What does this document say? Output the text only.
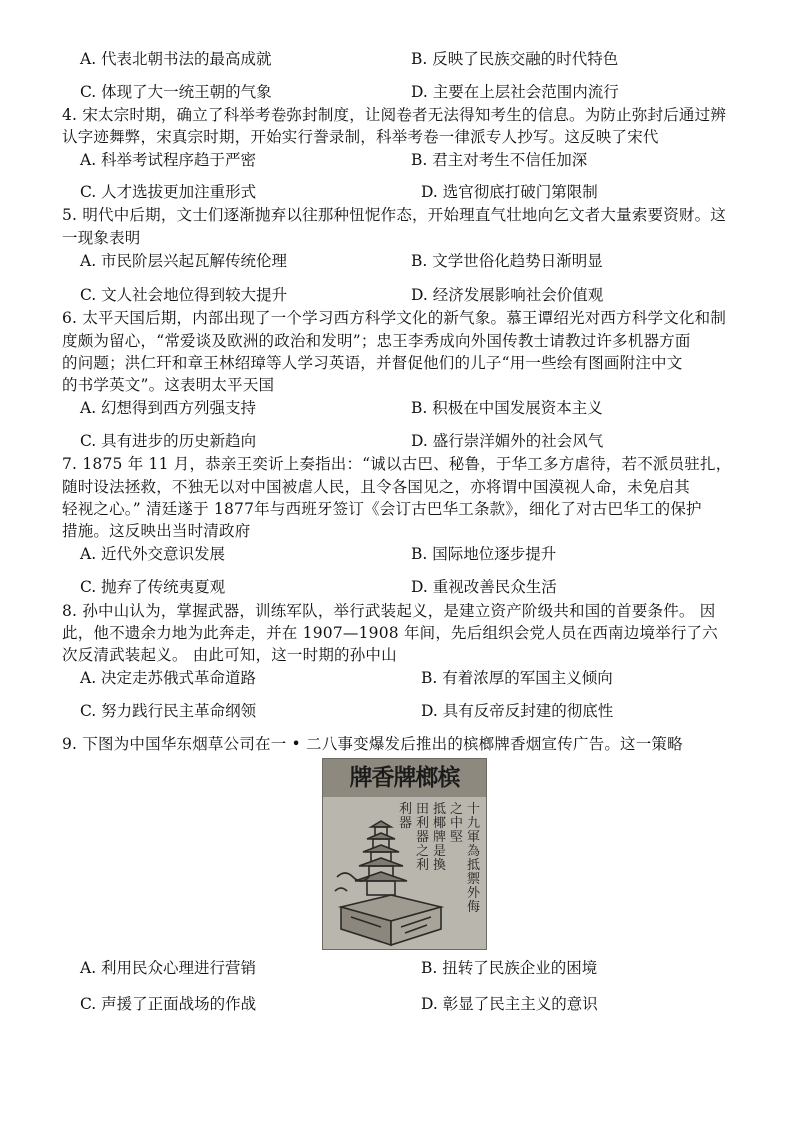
A. 代表北朝书法的最高成就	B. 反映了民族交融的时代特色
C. 体现了大一统王朝的气象	D. 主要在上层社会范围内流行
4. 宋太宗时期，确立了科举考卷弥封制度，让阅卷者无法得知考生的信息。为防止弥封后通过辨
认字迹舞弊，宋真宗时期，开始实行誊录制，科举考卷一律派专人抄写。这反映了宋代
A. 科举考试程序趋于严密	B. 君主对考生不信任加深
C. 人才选拔更加注重形式	D. 选官彻底打破门第限制
5. 明代中后期，文士们逐渐抛弃以往那种忸怩作态，开始理直气壮地向乞文者大量索要资财。这
一现象表明
A. 市民阶层兴起瓦解传统伦理	B. 文学世俗化趋势日渐明显
C. 文人社会地位得到较大提升	D. 经济发展影响社会价值观
6. 太平天国后期，内部出现了一个学习西方科学文化的新气象。慕王谭绍光对西方科学文化和制
度颇为留心，“常爱谈及欧洲的政治和发明”；忠王李秀成向外国传教士请教过许多机器方面
的问题；洪仁玕和章王林绍璋等人学习英语，并督促他们的儿子“用一些绘有图画附注中文
的书学英文”。这表明太平天国
A. 幻想得到西方列强支持	B. 积极在中国发展资本主义
C. 具有进步的历史新趋向	D. 盛行崇洋媚外的社会风气
7. 1875 年 11 月，恭亲王奕䜣上奏指出：“诚以古巴、秘鲁，于华工多方虐待，若不派员驻扎，
随时设法拯救，不独无以对中国被虐人民，且令各国见之，亦将谓中国漠视人命，未免启其
轻视之心。” 清廷遂于 1877年与西班牙签订《会订古巴华工条款》，细化了对古巴华工的保护
措施。这反映出当时清政府
A. 近代外交意识发展	B. 国际地位逐步提升
C. 抛弃了传统夷夏观	D. 重视改善民众生活
8. 孙中山认为，掌握武器，训练军队，举行武装起义，是建立资产阶级共和国的首要条件。 因
此，他不遗余力地为此奔走，并在 1907—1908 年间，先后组织会党人员在西南边境举行了六
次反清武装起义。 由此可知，这一时期的孙中山
A. 决定走苏俄式革命道路	B. 有着浓厚的军国主义倾向
C. 努力践行民主革命纲领	D. 具有反帝反封建的彻底性
9. 下图为中国华东烟草公司在一 • 二八事变爆发后推出的槟榔牌香烟宣传广告。这一策略
牌香牌榔槟
十九軍為抵禦外侮
之中堅
抵椰牌是換
田利器之利
利器
A. 利用民众心理进行营销	B. 扭转了民族企业的困境
C. 声援了正面战场的作战	D. 彰显了民主主义的意识
